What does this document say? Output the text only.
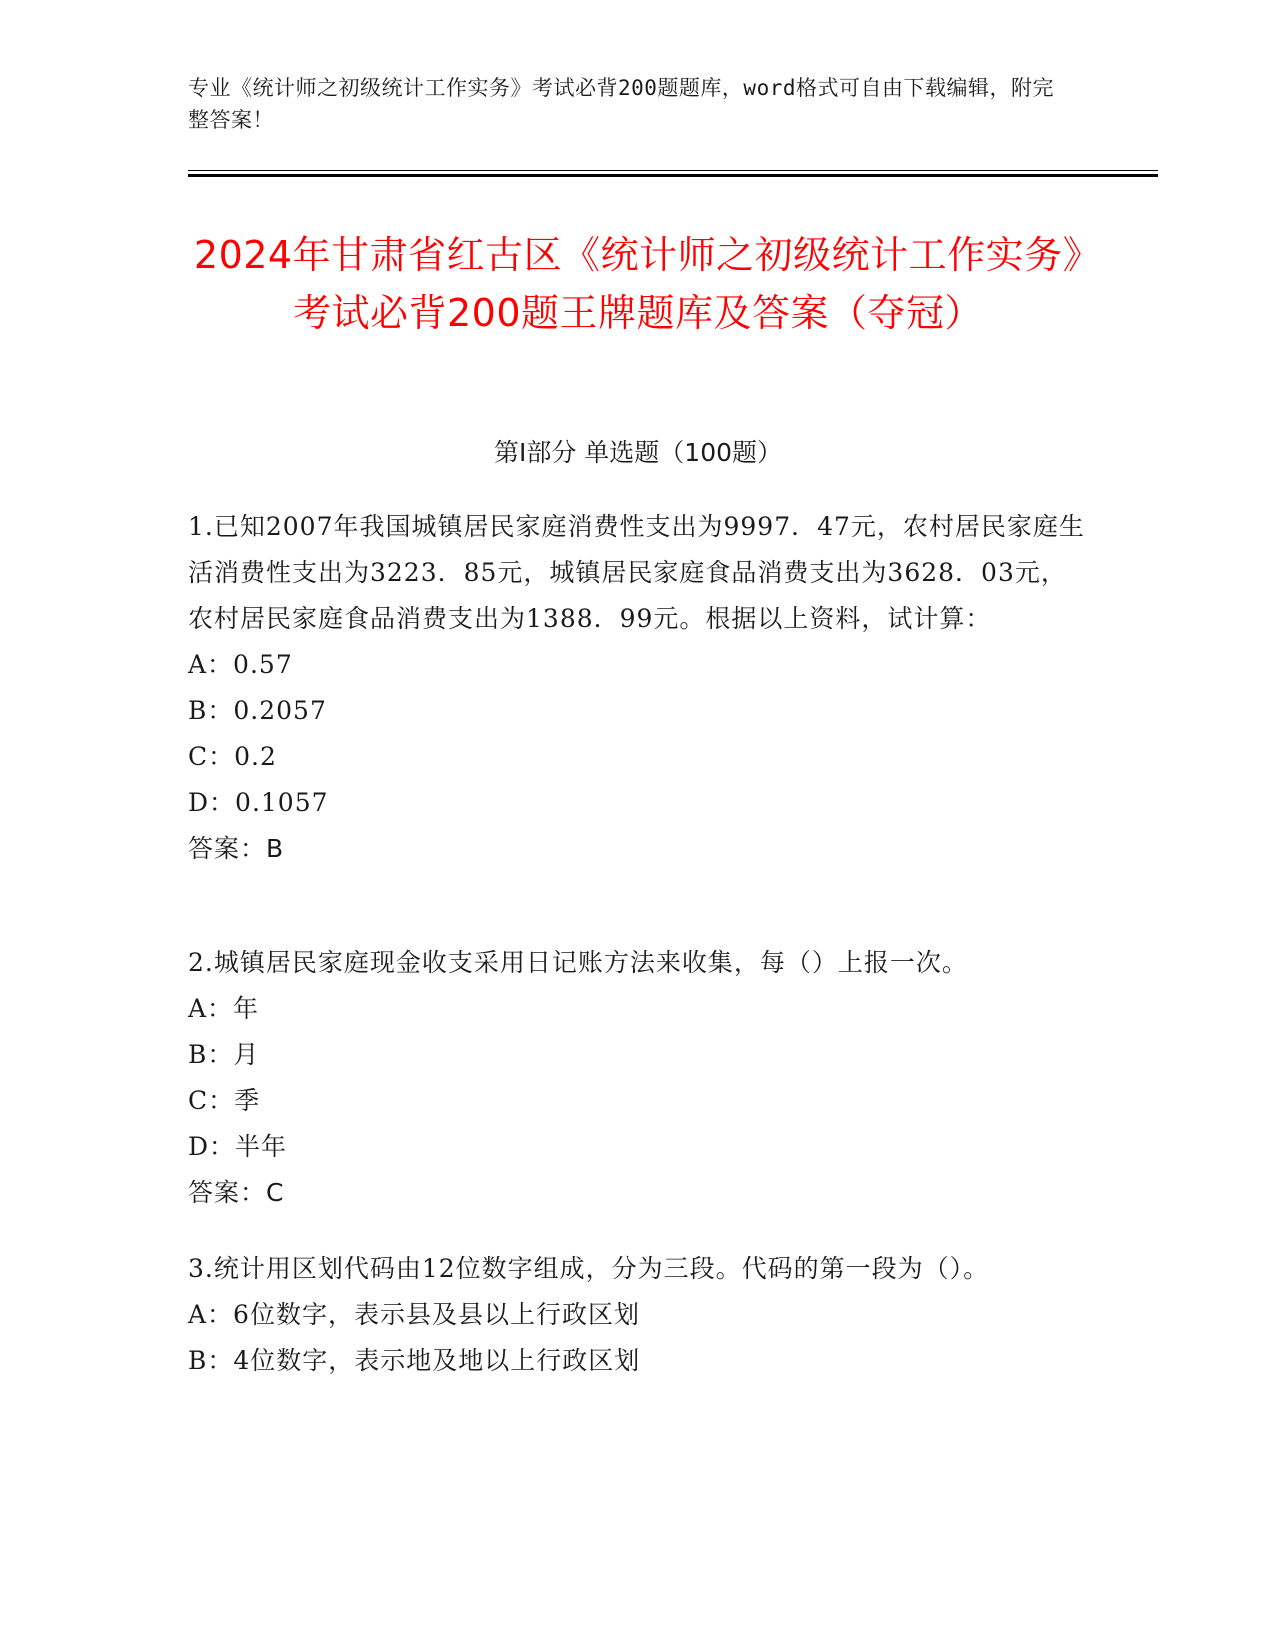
专业《统计师之初级统计工作实务》考试必背200题题库，word格式可自由下载编辑，附完整答案！
2024年甘肃省红古区《统计师之初级统计工作实务》考试必背200题王牌题库及答案（夺冠）
第Ⅰ部分 单选题（100题）

1.已知2007年我国城镇居民家庭消费性支出为9997．47元，农村居民家庭生活消费性支出为3223．85元，城镇居民家庭食品消费支出为3628．03元，农村居民家庭食品消费支出为1388．99元。根据以上资料，试计算：

A：0.57

B：0.2057

C：0.2

D：0.1057

答案：B

2.城镇居民家庭现金收支采用日记账方法来收集，每（）上报一次。

A：年

B：月

C：季

D：半年

答案：C

3.统计用区划代码由12位数字组成，分为三段。代码的第一段为（）。

A：6位数字，表示县及县以上行政区划

B：4位数字，表示地及地以上行政区划
